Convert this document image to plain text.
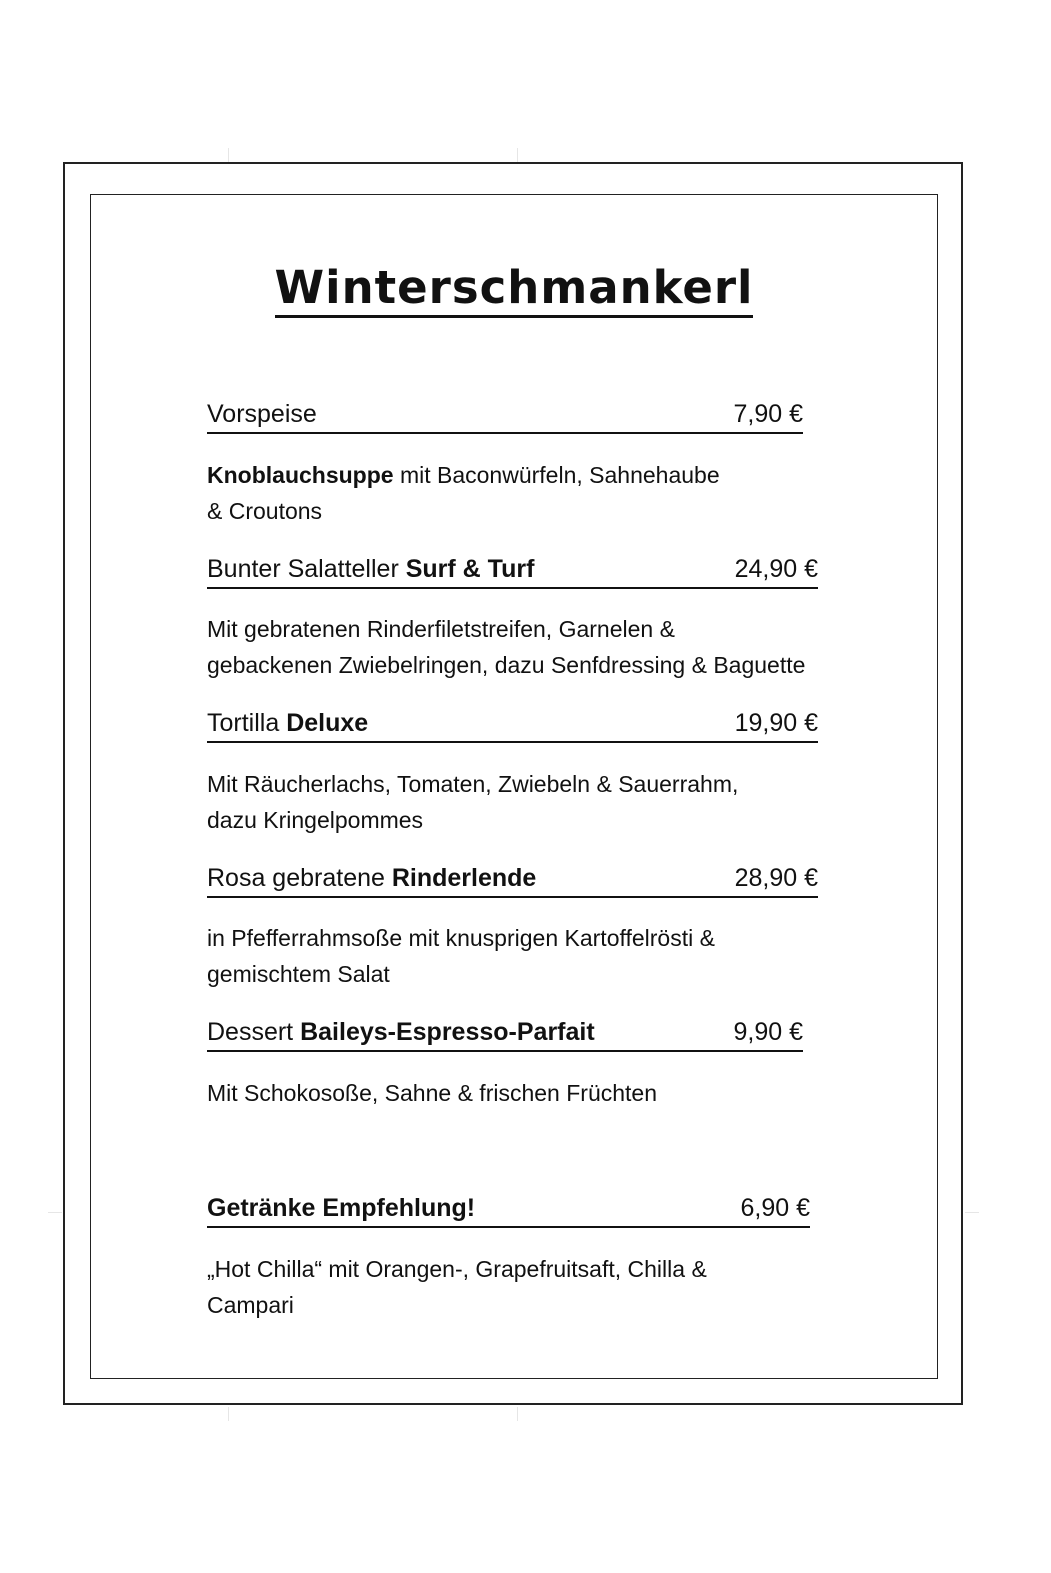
Winterschmankerl
Vorspeise	7,90 €
Knoblauchsuppe mit Baconwürfeln, Sahnehaube
& Croutons
Bunter Salatteller Surf & Turf	24,90 €
Mit gebratenen Rinderfiletstreifen, Garnelen &
gebackenen Zwiebelringen, dazu Senfdressing & Baguette
Tortilla Deluxe	19,90 €
Mit Räucherlachs, Tomaten, Zwiebeln & Sauerrahm,
dazu Kringelpommes
Rosa gebratene Rinderlende	28,90 €
in Pfefferrahmsoße mit knusprigen Kartoffelrösti &
gemischtem Salat
Dessert Baileys-Espresso-Parfait	9,90 €
Mit Schokosoße, Sahne & frischen Früchten
Getränke Empfehlung!	6,90 €
„Hot Chilla“ mit Orangen-, Grapefruitsaft, Chilla &
Campari
